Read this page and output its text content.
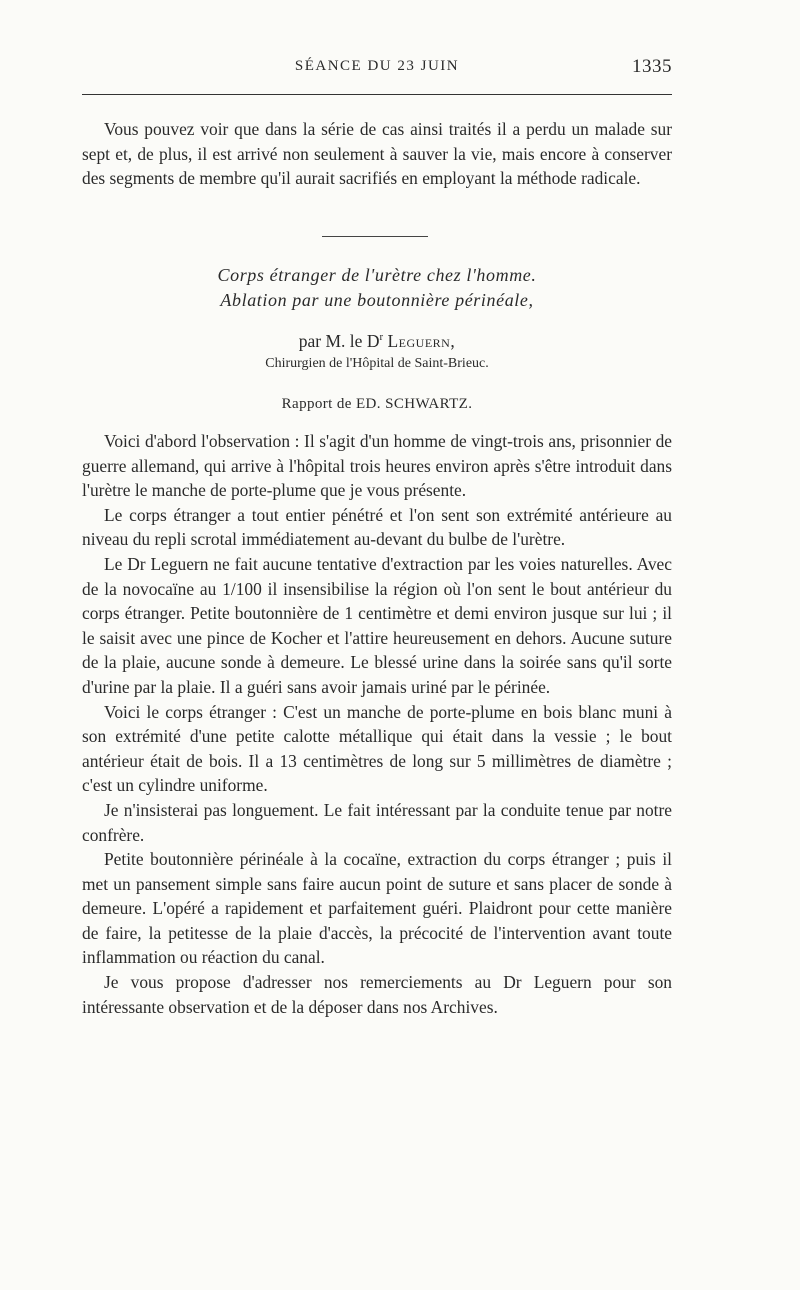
SÉANCE DU 23 JUIN	1335

Vous pouvez voir que dans la série de cas ainsi traités il a perdu un malade sur sept et, de plus, il est arrivé non seulement à sauver la vie, mais encore à conserver des segments de membre qu'il aurait sacrifiés en employant la méthode radicale.

Corps étranger de l'urètre chez l'homme.
Ablation par une boutonnière périnéale,
par M. le $D^r$ Leguern,
Chirurgien de l'Hôpital de Saint-Brieuc.
Rapport de ED. SCHWARTZ.

Voici d'abord l'observation : Il s'agit d'un homme de vingt-trois ans, prisonnier de guerre allemand, qui arrive à l'hôpital trois heures environ après s'être introduit dans l'urètre le manche de porte-plume que je vous présente.

Le corps étranger a tout entier pénétré et l'on sent son extrémité antérieure au niveau du repli scrotal immédiatement au-devant du bulbe de l'urètre.

Le Dr Leguern ne fait aucune tentative d'extraction par les voies naturelles. Avec de la novocaïne au 1/100 il insensibilise la région où l'on sent le bout antérieur du corps étranger. Petite boutonnière de 1 centimètre et demi environ jusque sur lui ; il le saisit avec une pince de Kocher et l'attire heureusement en dehors. Aucune suture de la plaie, aucune sonde à demeure. Le blessé urine dans la soirée sans qu'il sorte d'urine par la plaie. Il a guéri sans avoir jamais uriné par le périnée.

Voici le corps étranger : C'est un manche de porte-plume en bois blanc muni à son extrémité d'une petite calotte métallique qui était dans la vessie ; le bout antérieur était de bois. Il a 13 centimètres de long sur 5 millimètres de diamètre ; c'est un cylindre uniforme.

Je n'insisterai pas longuement. Le fait intéressant par la conduite tenue par notre confrère.

Petite boutonnière périnéale à la cocaïne, extraction du corps étranger ; puis il met un pansement simple sans faire aucun point de suture et sans placer de sonde à demeure. L'opéré a rapidement et parfaitement guéri. Plaidront pour cette manière de faire, la petitesse de la plaie d'accès, la précocité de l'intervention avant toute inflammation ou réaction du canal.

Je vous propose d'adresser nos remerciements au Dr Leguern pour son intéressante observation et de la déposer dans nos Archives.
